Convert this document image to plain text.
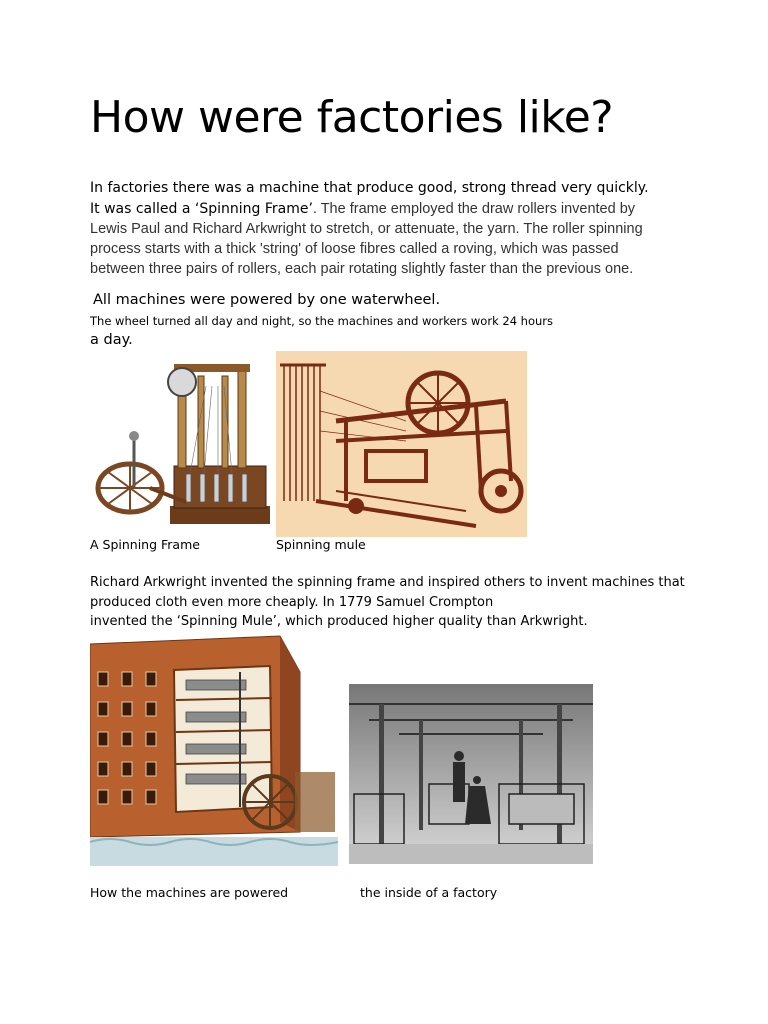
How were factories like?
In factories there was a machine that produce good, strong thread very quickly.
It was called a ‘Spinning Frame’. The frame employed the draw rollers invented by
Lewis Paul and Richard Arkwright to stretch, or attenuate, the yarn. The roller spinning
process starts with a thick 'string' of loose fibres called a roving, which was passed
between three pairs of rollers, each pair rotating slightly faster than the previous one.
All machines were powered by one waterwheel.
The wheel turned all day and night, so the machines and workers work 24 hours
a day.
A Spinning Frame	Spinning mule
Richard Arkwright invented the spinning frame and inspired others to invent machines that
produced cloth even more cheaply. In 1779 Samuel Crompton
invented the ‘Spinning Mule’, which produced higher quality than Arkwright.
How the machines are powered	the inside of a factory
